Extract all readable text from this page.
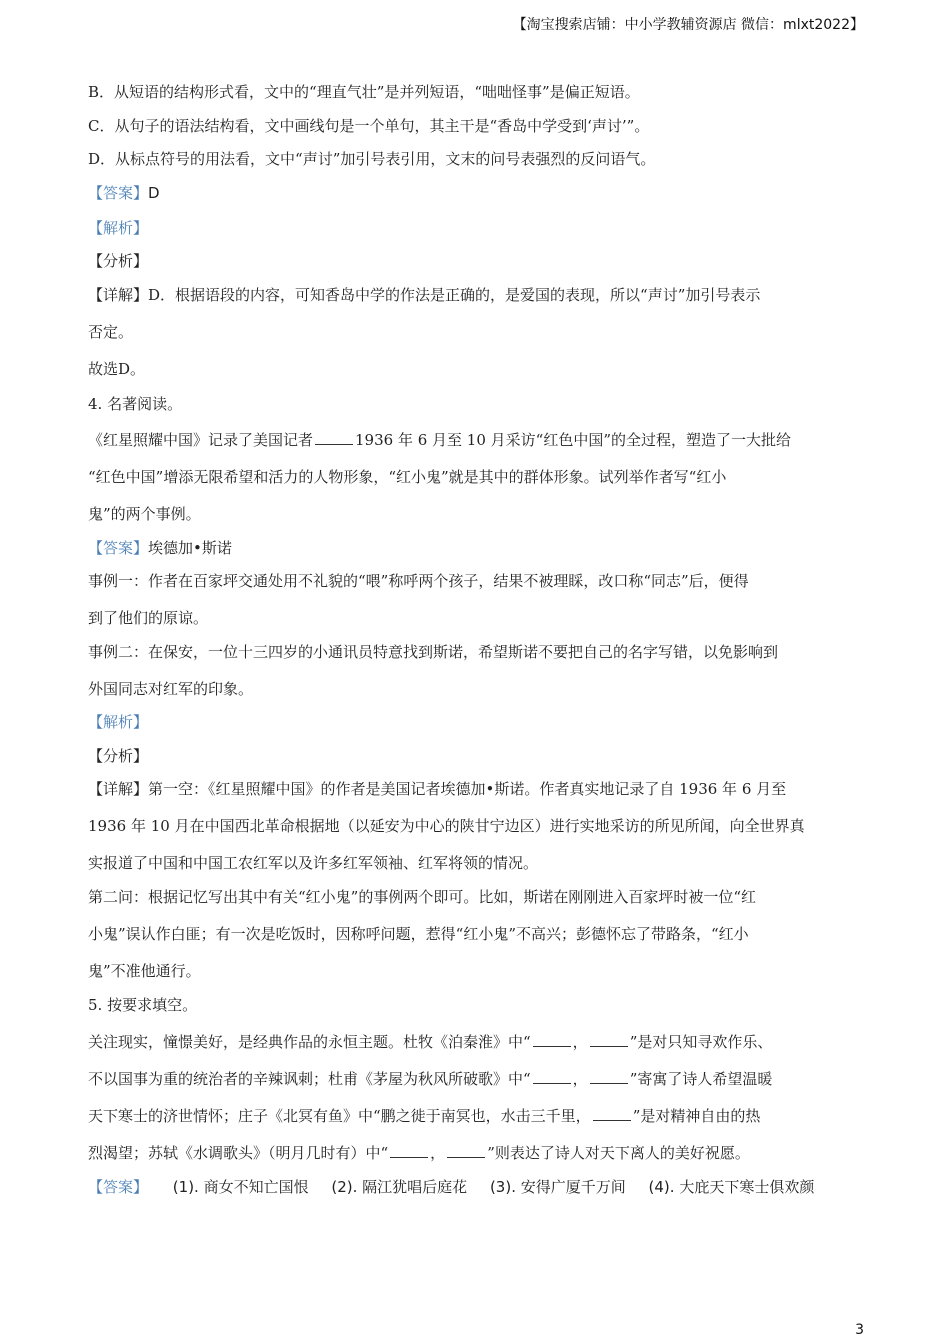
【淘宝搜索店铺：中小学教辅资源店 微信：mlxt2022】
B．从短语的结构形式看，文中的“理直气壮”是并列短语，“咄咄怪事”是偏正短语。
C．从句子的语法结构看，文中画线句是一个单句，其主干是“香岛中学受到‘声讨’”。
D．从标点符号的用法看，文中“声讨”加引号表引用，文末的问号表强烈的反问语气。
【答案】D
【解析】
【分析】
【详解】D．根据语段的内容，可知香岛中学的作法是正确的，是爱国的表现，所以“声讨”加引号表示
否定。
故选D。
4. 名著阅读。
《红星照耀中国》记录了美国记者	1936 年 6 月至 10 月采访“红色中国”的全过程，塑造了一大批给
“红色中国”增添无限希望和活力的人物形象，“红小鬼”就是其中的群体形象。试列举作者写“红小
鬼”的两个事例。
【答案】埃德加•斯诺
事例一：作者在百家坪交通处用不礼貌的“喂”称呼两个孩子，结果不被理睬，改口称“同志”后，便得
到了他们的原谅。
事例二：在保安，一位十三四岁的小通讯员特意找到斯诺，希望斯诺不要把自己的名字写错，以免影响到
外国同志对红军的印象。
【解析】
【分析】
【详解】第一空：《红星照耀中国》的作者是美国记者埃德加•斯诺。作者真实地记录了自 1936 年 6 月至
1936 年 10 月在中国西北革命根据地（以延安为中心的陕甘宁边区）进行实地采访的所见所闻，向全世界真
实报道了中国和中国工农红军以及许多红军领袖、红军将领的情况。
第二问：根据记忆写出其中有关“红小鬼”的事例两个即可。比如，斯诺在刚刚进入百家坪时被一位“红
小鬼”误认作白匪；有一次是吃饭时，因称呼问题，惹得“红小鬼”不高兴；彭德怀忘了带路条，“红小
鬼”不准他通行。
5. 按要求填空。
关注现实，憧憬美好，是经典作品的永恒主题。杜牧《泊秦淮》中“	，	”是对只知寻欢作乐、
不以国事为重的统治者的辛辣讽刺；杜甫《茅屋为秋风所破歌》中“	，	”寄寓了诗人希望温暖
天下寒士的济世情怀；庄子《北冥有鱼》中“鹏之徙于南冥也，水击三千里，	”是对精神自由的热
烈渴望；苏轼《水调歌头》（明月几时有）中“	，	”则表达了诗人对天下离人的美好祝愿。
【答案】 (1). 商女不知亡国恨 (2). 隔江犹唱后庭花 (3). 安得广厦千万间 (4). 大庇天下寒士俱欢颜
3
